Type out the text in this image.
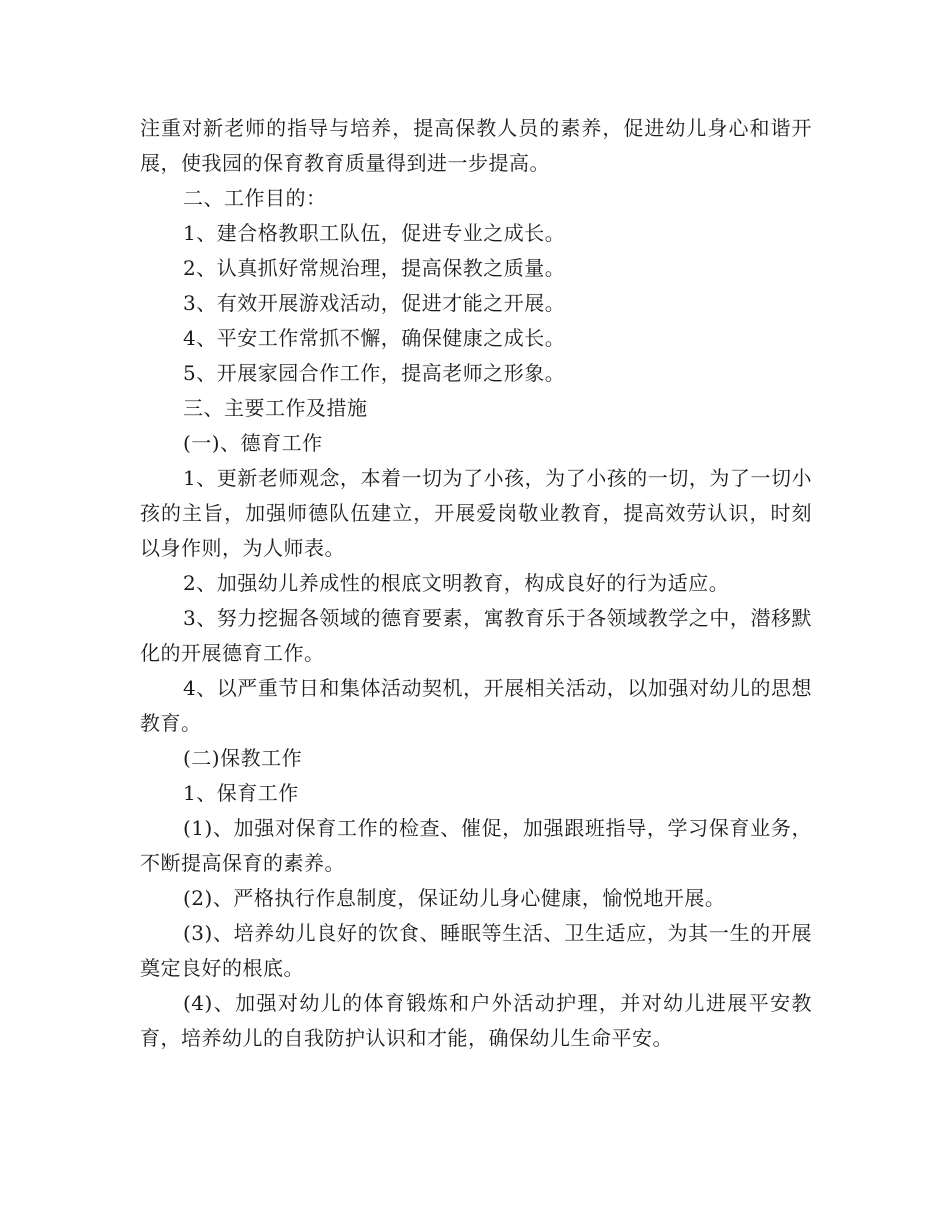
注重对新老师的指导与培养，提高保教人员的素养，促进幼儿身心和谐开展，使我园的保育教育质量得到进一步提高。

二、工作目的：

1、建合格教职工队伍，促进专业之成长。

2、认真抓好常规治理，提高保教之质量。

3、有效开展游戏活动，促进才能之开展。

4、平安工作常抓不懈，确保健康之成长。

5、开展家园合作工作，提高老师之形象。

三、主要工作及措施

(一)、德育工作

1、更新老师观念，本着一切为了小孩，为了小孩的一切，为了一切小孩的主旨，加强师德队伍建立，开展爱岗敬业教育，提高效劳认识，时刻以身作则，为人师表。

2、加强幼儿养成性的根底文明教育，构成良好的行为适应。

3、努力挖掘各领域的德育要素，寓教育乐于各领域教学之中，潜移默化的开展德育工作。

4、以严重节日和集体活动契机，开展相关活动，以加强对幼儿的思想教育。

(二)保教工作

1、保育工作

(1)、加强对保育工作的检查、催促，加强跟班指导，学习保育业务，不断提高保育的素养。

(2)、严格执行作息制度，保证幼儿身心健康，愉悦地开展。

(3)、培养幼儿良好的饮食、睡眠等生活、卫生适应，为其一生的开展奠定良好的根底。

(4)、加强对幼儿的体育锻炼和户外活动护理，并对幼儿进展平安教育，培养幼儿的自我防护认识和才能，确保幼儿生命平安。
